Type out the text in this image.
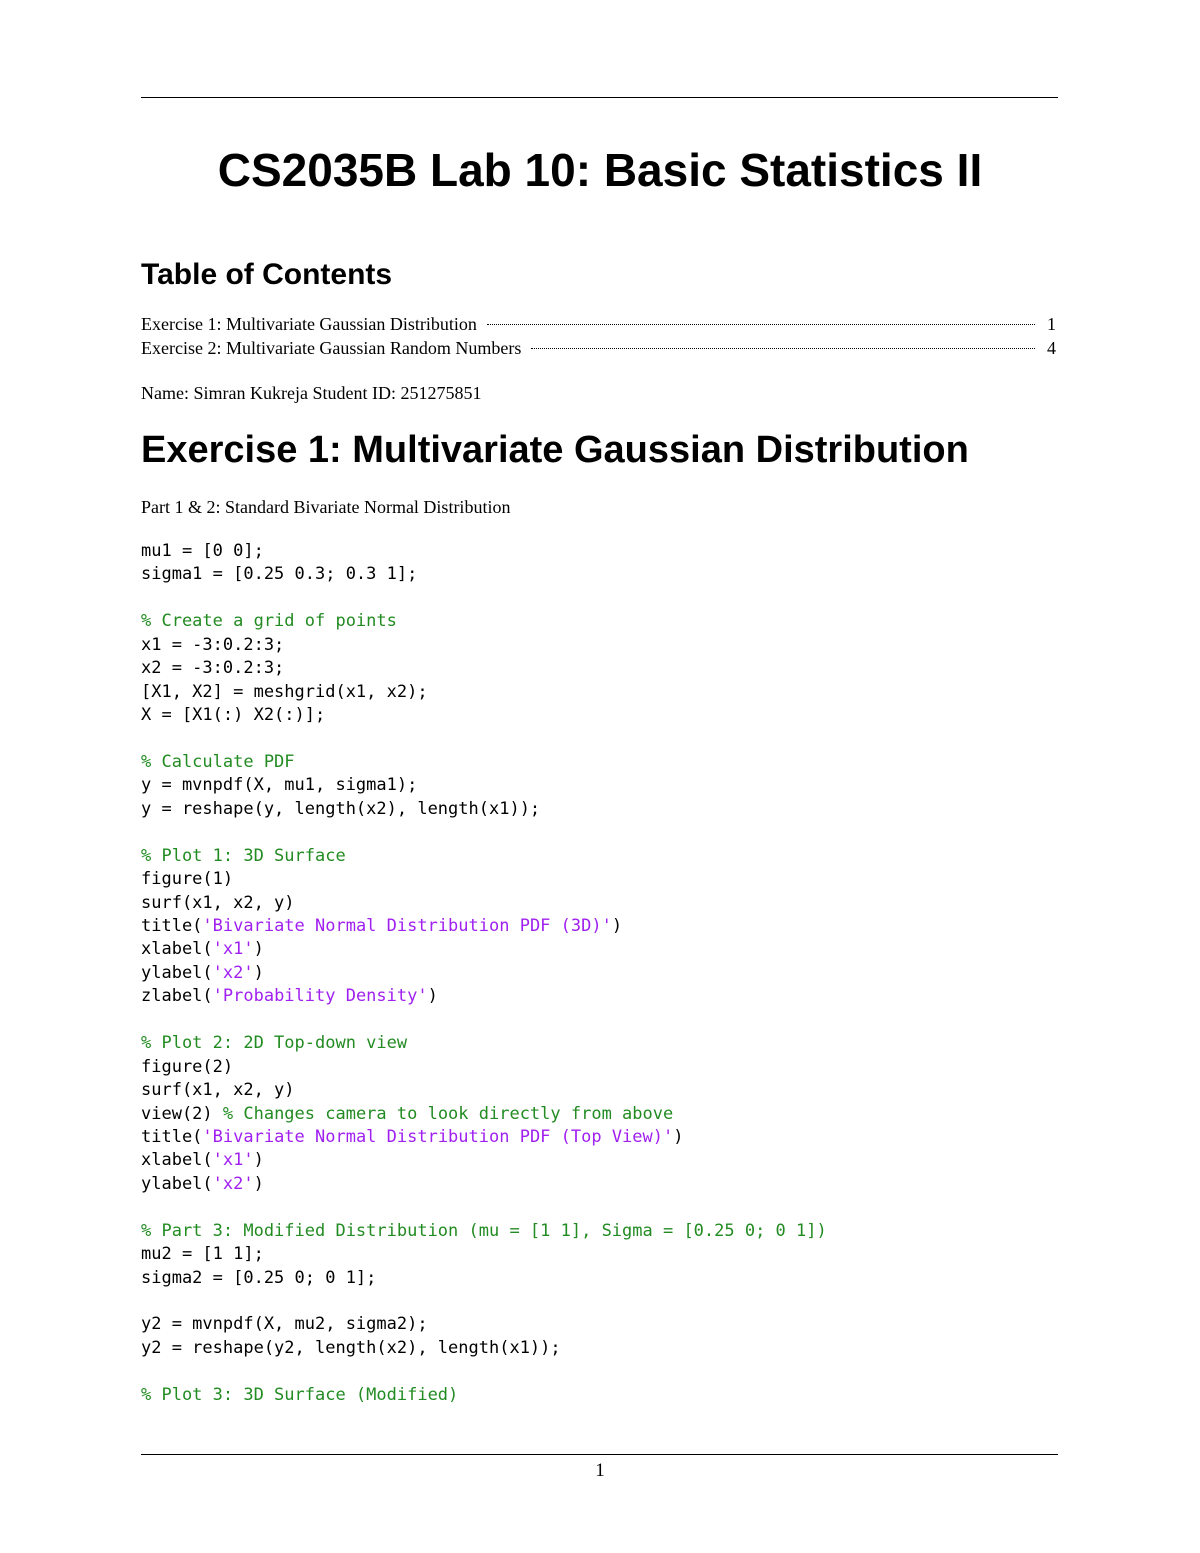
CS2035B Lab 10: Basic Statistics II
Table of Contents
Exercise 1: Multivariate Gaussian Distribution	1
Exercise 2: Multivariate Gaussian Random Numbers	4

Name: Simran Kukreja Student ID: 251275851

Exercise 1: Multivariate Gaussian Distribution

Part 1 & 2: Standard Bivariate Normal Distribution

mu1 = [0 0];
sigma1 = [0.25 0.3; 0.3 1];

% Create a grid of points
x1 = -3:0.2:3;
x2 = -3:0.2:3;
[X1, X2] = meshgrid(x1, x2);
X = [X1(:) X2(:)];

% Calculate PDF
y = mvnpdf(X, mu1, sigma1);
y = reshape(y, length(x2), length(x1));

% Plot 1: 3D Surface
figure(1)
surf(x1, x2, y)
title('Bivariate Normal Distribution PDF (3D)')
xlabel('x1')
ylabel('x2')
zlabel('Probability Density')

% Plot 2: 2D Top-down view
figure(2)
surf(x1, x2, y)
view(2) % Changes camera to look directly from above
title('Bivariate Normal Distribution PDF (Top View)')
xlabel('x1')
ylabel('x2')

% Part 3: Modified Distribution (mu = [1 1], Sigma = [0.25 0; 0 1])
mu2 = [1 1];
sigma2 = [0.25 0; 0 1];

y2 = mvnpdf(X, mu2, sigma2);
y2 = reshape(y2, length(x2), length(x1));

% Plot 3: 3D Surface (Modified)
1
